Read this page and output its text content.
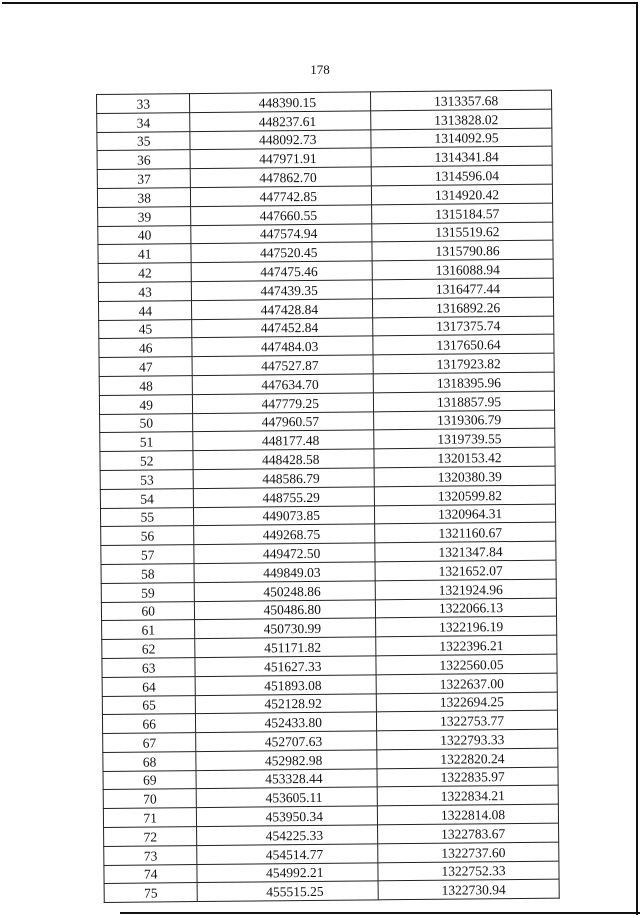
178
33	448390.15	1313357.68
34	448237.61	1313828.02
35	448092.73	1314092.95
36	447971.91	1314341.84
37	447862.70	1314596.04
38	447742.85	1314920.42
39	447660.55	1315184.57
40	447574.94	1315519.62
41	447520.45	1315790.86
42	447475.46	1316088.94
43	447439.35	1316477.44
44	447428.84	1316892.26
45	447452.84	1317375.74
46	447484.03	1317650.64
47	447527.87	1317923.82
48	447634.70	1318395.96
49	447779.25	1318857.95
50	447960.57	1319306.79
51	448177.48	1319739.55
52	448428.58	1320153.42
53	448586.79	1320380.39
54	448755.29	1320599.82
55	449073.85	1320964.31
56	449268.75	1321160.67
57	449472.50	1321347.84
58	449849.03	1321652.07
59	450248.86	1321924.96
60	450486.80	1322066.13
61	450730.99	1322196.19
62	451171.82	1322396.21
63	451627.33	1322560.05
64	451893.08	1322637.00
65	452128.92	1322694.25
66	452433.80	1322753.77
67	452707.63	1322793.33
68	452982.98	1322820.24
69	453328.44	1322835.97
70	453605.11	1322834.21
71	453950.34	1322814.08
72	454225.33	1322783.67
73	454514.77	1322737.60
74	454992.21	1322752.33
75	455515.25	1322730.94
